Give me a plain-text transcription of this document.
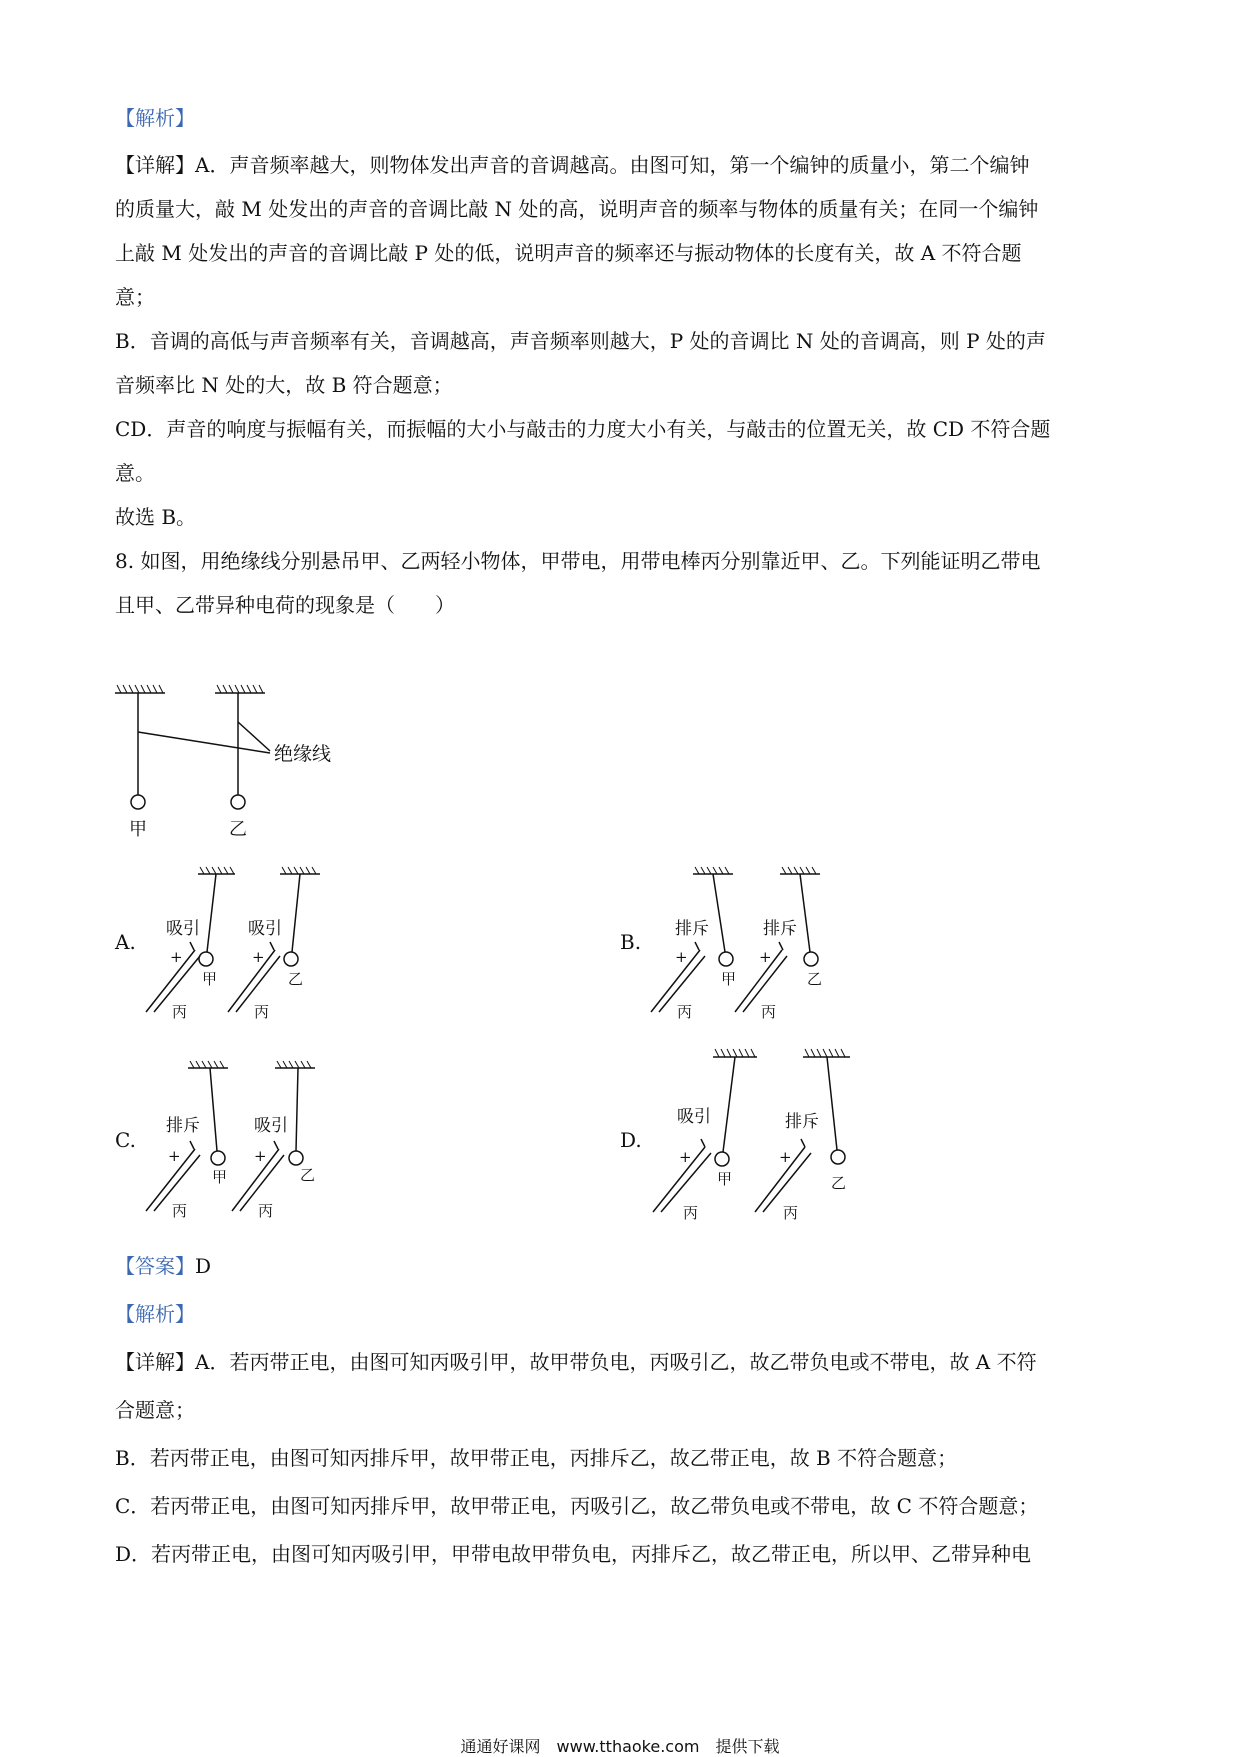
【解析】
【详解】A．声音频率越大，则物体发出声音的音调越高。由图可知，第一个编钟的质量小，第二个编钟
的质量大，敲 M 处发出的声音的音调比敲 N 处的高，说明声音的频率与物体的质量有关；在同一个编钟
上敲 M 处发出的声音的音调比敲 P 处的低，说明声音的频率还与振动物体的长度有关，故 A 不符合题
意；
B．音调的高低与声音频率有关，音调越高，声音频率则越大，P 处的音调比 N 处的音调高，则 P 处的声
音频率比 N 处的大，故 B 符合题意；
CD．声音的响度与振幅有关，而振幅的大小与敲击的力度大小有关，与敲击的位置无关，故 CD 不符合题
意。
故选 B。
8. 如图，用绝缘线分别悬吊甲、乙两轻小物体，甲带电，用带电棒丙分别靠近甲、乙。下列能证明乙带电
且甲、乙带异种电荷的现象是（　　）
绝缘线
甲	乙
A.
吸引	吸引
+	+
甲	乙
丙	丙
B.
排斥	排斥
+	+
甲	乙
丙	丙
C.
排斥	吸引
+	+
甲	乙
丙	丙
D.
吸引	排斥
+	+
甲	乙
丙	丙
【答案】D
【解析】
【详解】A．若丙带正电，由图可知丙吸引甲，故甲带负电，丙吸引乙，故乙带负电或不带电，故 A 不符
合题意；
B．若丙带正电，由图可知丙排斥甲，故甲带正电，丙排斥乙，故乙带正电，故 B 不符合题意；
C．若丙带正电，由图可知丙排斥甲，故甲带正电，丙吸引乙，故乙带负电或不带电，故 C 不符合题意；
D．若丙带正电，由图可知丙吸引甲，甲带电故甲带负电，丙排斥乙，故乙带正电，所以甲、乙带异种电
通通好课网　www.tthaoke.com　提供下载
